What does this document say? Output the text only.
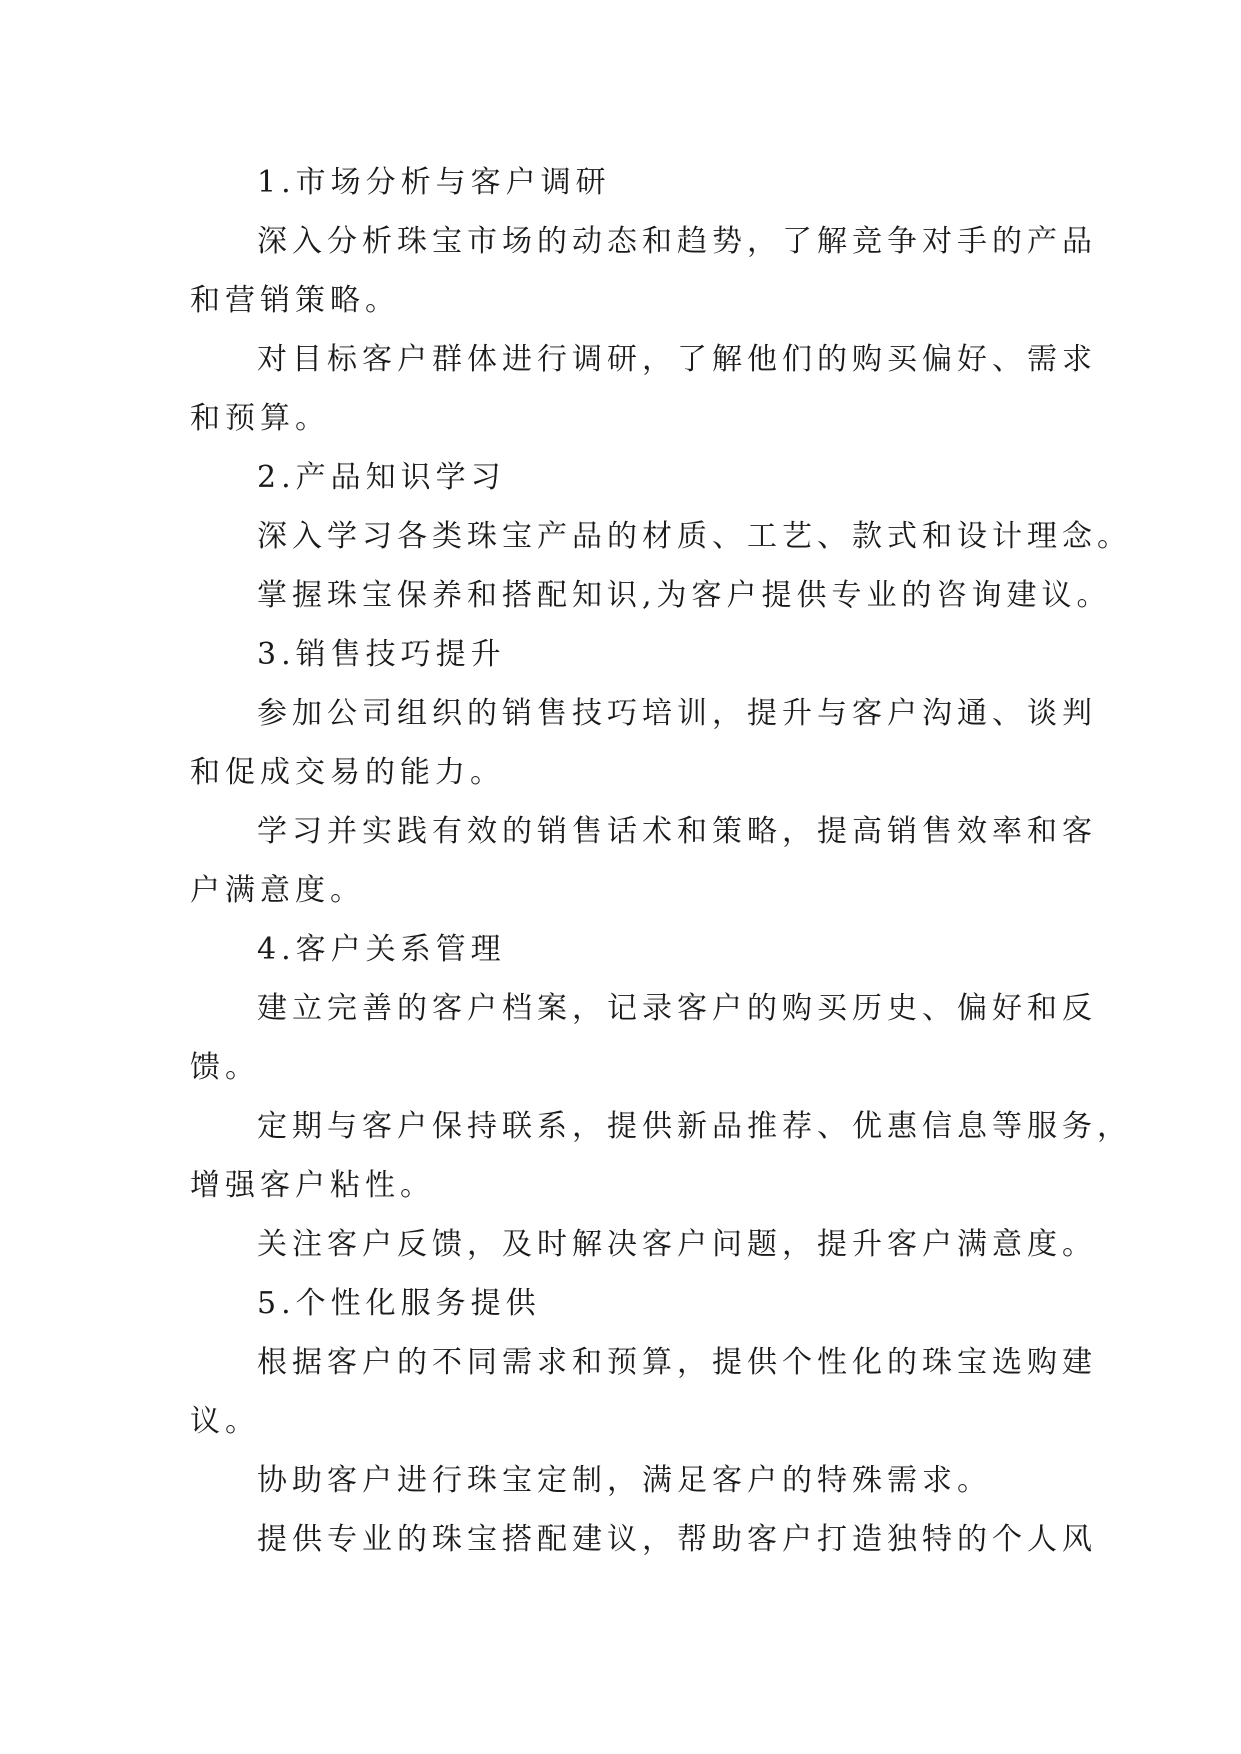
1.市场分析与客户调研
深入分析珠宝市场的动态和趋势，了解竞争对手的产品
和营销策略。
对目标客户群体进行调研，了解他们的购买偏好、需求
和预算。
2.产品知识学习
深入学习各类珠宝产品的材质、工艺、款式和设计理念。
掌握珠宝保养和搭配知识,为客户提供专业的咨询建议。
3.销售技巧提升
参加公司组织的销售技巧培训，提升与客户沟通、谈判
和促成交易的能力。
学习并实践有效的销售话术和策略，提高销售效率和客
户满意度。
4.客户关系管理
建立完善的客户档案，记录客户的购买历史、偏好和反
馈。
定期与客户保持联系，提供新品推荐、优惠信息等服务，
增强客户粘性。
关注客户反馈，及时解决客户问题，提升客户满意度。
5.个性化服务提供
根据客户的不同需求和预算，提供个性化的珠宝选购建
议。
协助客户进行珠宝定制，满足客户的特殊需求。
提供专业的珠宝搭配建议，帮助客户打造独特的个人风
